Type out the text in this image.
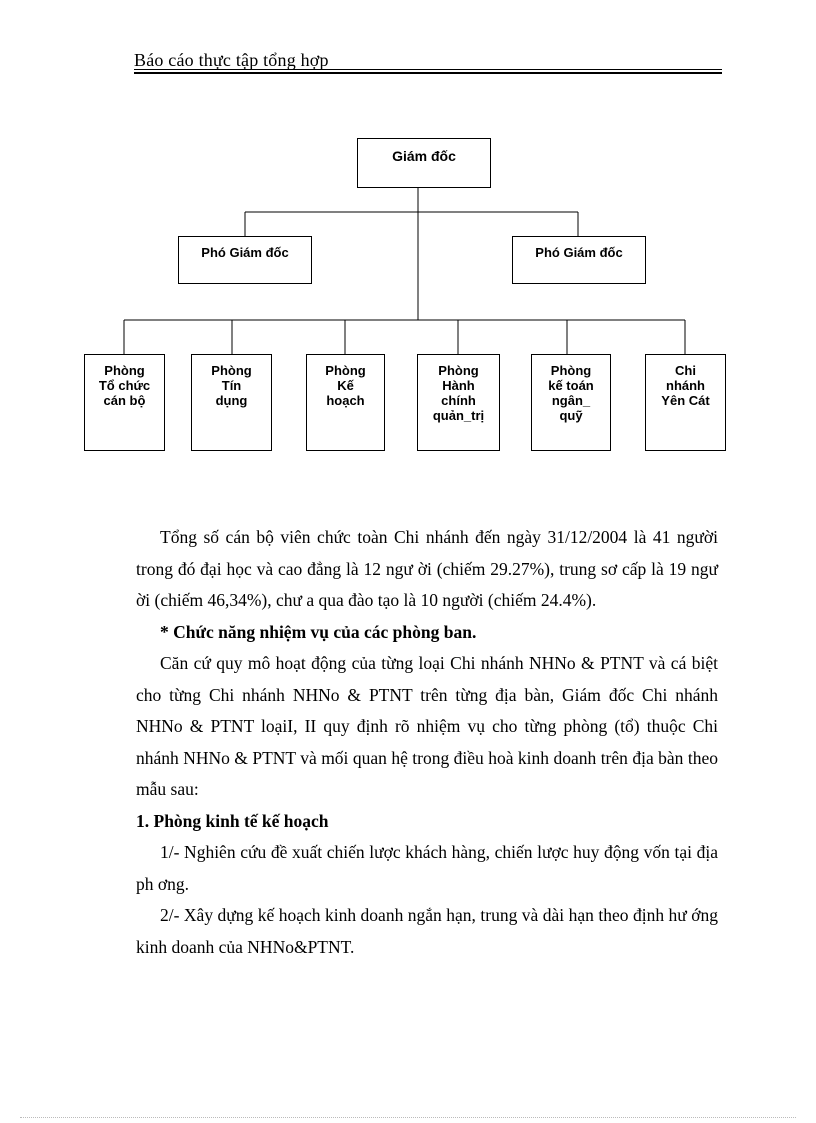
Báo cáo thực tập tổng hợp
Giám đốc
Phó Giám đốc	Phó Giám đốc
Phòng
Tổ chức
cán bộ
Phòng
Tín
dụng
Phòng
Kế
hoạch
Phòng
Hành
chính
quản_trị
Phòng
kế toán
ngân_
quỹ
Chi
nhánh
Yên Cát

Tổng số cán bộ viên chức toàn Chi nhánh đến ngày 31/12/2004 là 41 người trong đó đại học và cao đẳng là 12 ngư ời (chiếm 29.27%), trung sơ cấp là 19 ngư ời (chiếm 46,34%), chư a qua đào tạo là 10 người (chiếm 24.4%).

* Chức năng nhiệm vụ của các phòng ban.

Căn cứ quy mô hoạt động của từng loại Chi nhánh NHNo & PTNT và cá biệt cho từng Chi nhánh NHNo & PTNT trên từng địa bàn, Giám đốc Chi nhánh NHNo & PTNT loạiI, II quy định rõ nhiệm vụ cho từng phòng (tổ) thuộc Chi nhánh NHNo & PTNT và mối quan hệ trong điều hoà kinh doanh trên địa bàn theo mẫu sau:

1. Phòng kinh tế kế hoạch

1/- Nghiên cứu đề xuất chiến lược khách hàng, chiến lược huy động vốn tại địa ph ơng.

2/- Xây dựng kế hoạch kinh doanh ngắn hạn, trung và dài hạn theo định hư ớng kinh doanh của NHNo&PTNT.
